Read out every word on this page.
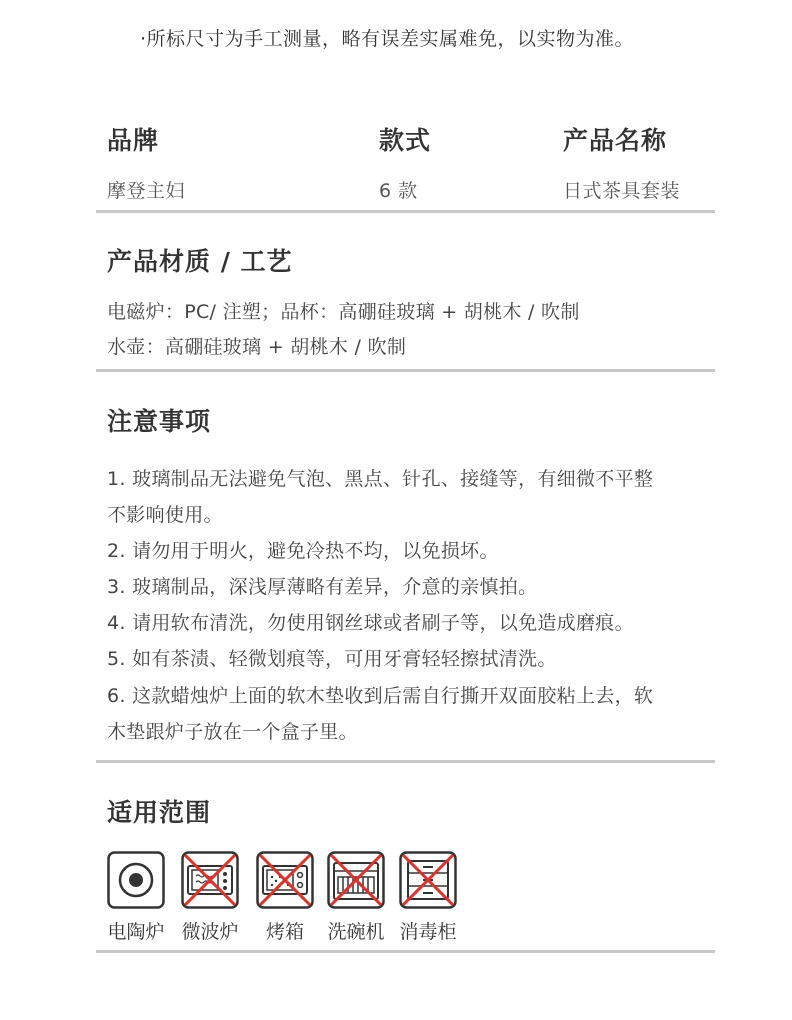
·所标尺寸为手工测量，略有误差实属难免，以实物为准。
品牌	款式	产品名称
摩登主妇	6 款	日式茶具套装
产品材质 / 工艺
电磁炉：PC/ 注塑；品杯：高硼硅玻璃 + 胡桃木 / 吹制
水壶：高硼硅玻璃 + 胡桃木 / 吹制
注意事项
1. 玻璃制品无法避免气泡、黑点、针孔、接缝等，有细微不平整
不影响使用。
2. 请勿用于明火，避免冷热不均，以免损坏。
3. 玻璃制品，深浅厚薄略有差异，介意的亲慎拍。
4. 请用软布清洗，勿使用钢丝球或者刷子等，以免造成磨痕。
5. 如有茶渍、轻微划痕等，可用牙膏轻轻擦拭清洗。
6. 这款蜡烛炉上面的软木垫收到后需自行撕开双面胶粘上去，软
木垫跟炉子放在一个盒子里。
适用范围
电陶炉 微波炉	烤箱	洗碗机 消毒柜
